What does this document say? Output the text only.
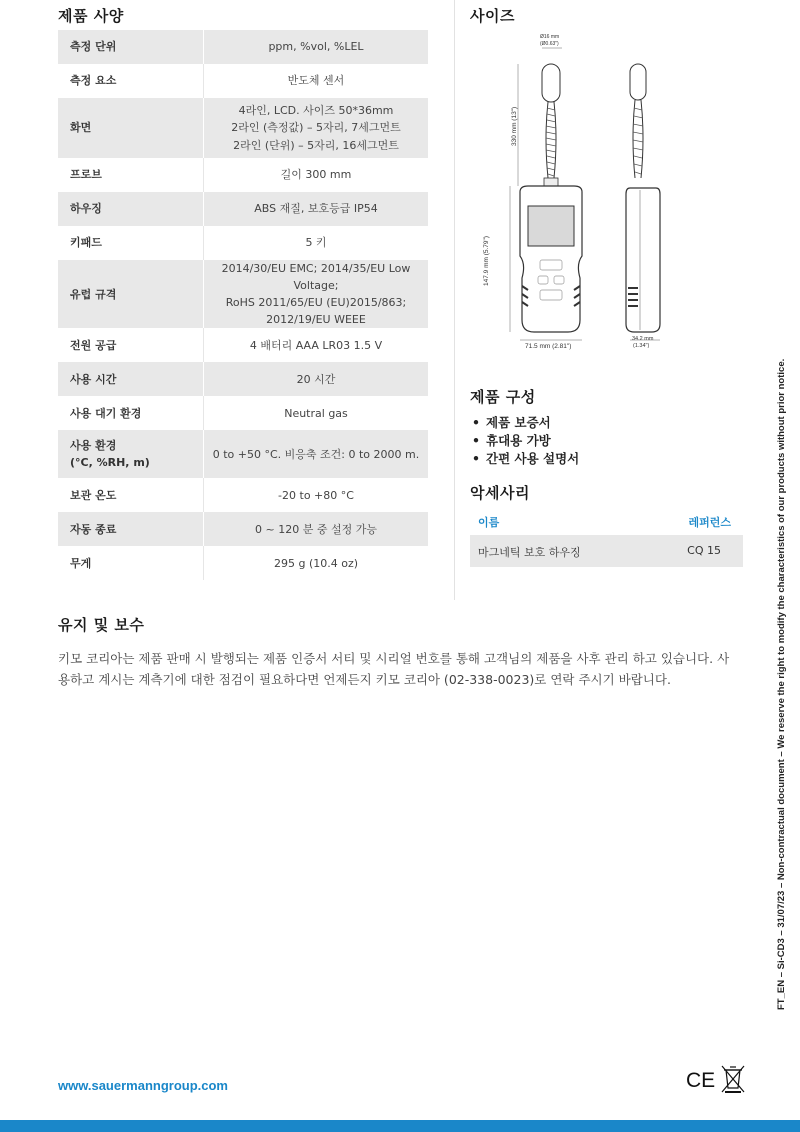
제품 사양	사이즈
측정 단위	ppm, %vol, %LEL
측정 요소	반도체 센서
화면	4라인, LCD. 사이즈 50*36mm
2라인 (측정값) – 5자리, 7세그먼트
2라인 (단위) – 5자리, 16세그먼트
프로브	길이 300 mm
하우징	ABS 재질, 보호등급 IP54
키패드	5 키
유럽 규격	2014/30/EU EMC; 2014/35/EU Low Voltage;
RoHS 2011/65/EU (EU)2015/863; 2012/19/EU WEEE
전원 공급	4 배터리 AAA LR03 1.5 V
사용 시간	20 시간
사용 대기 환경	Neutral gas
사용 환경
(°C, %RH, m)	0 to +50 °C. 비응축 조건: 0 to 2000 m.
보관 온도	-20 to +80 °C
자동 종료	0 ~ 120 분 중 설정 가능
무게	295 g (10.4 oz)
Ø16 mm
(Ø0.63")
330 mm (13")
147.9 mm (5.79")
71.5 mm (2.81")
34.2 mm
(1.34")
제품 구성
• 제품 보증서
• 휴대용 가방
• 간편 사용 설명서
악세사리
이름	레퍼런스
마그네틱 보호 하우징	CQ 15
유지 및 보수
키모 코리아는 제품 판매 시 발행되는 제품 인증서 서티 및 시리얼 번호를 통해 고객님의 제품을 사후 관리 하고 있습니다. 사용하고 계시는 계측기에 대한 점검이 필요하다면 언제든지 키모 코리아 (02-338-0023)로 연락 주시기 바랍니다.	FT_EN – Si-CD3 – 31/07/23 – Non-contractual document – We reserve the right to modify the characteristics of our products without prior notice.
www.sauermanngroup.com	CE
